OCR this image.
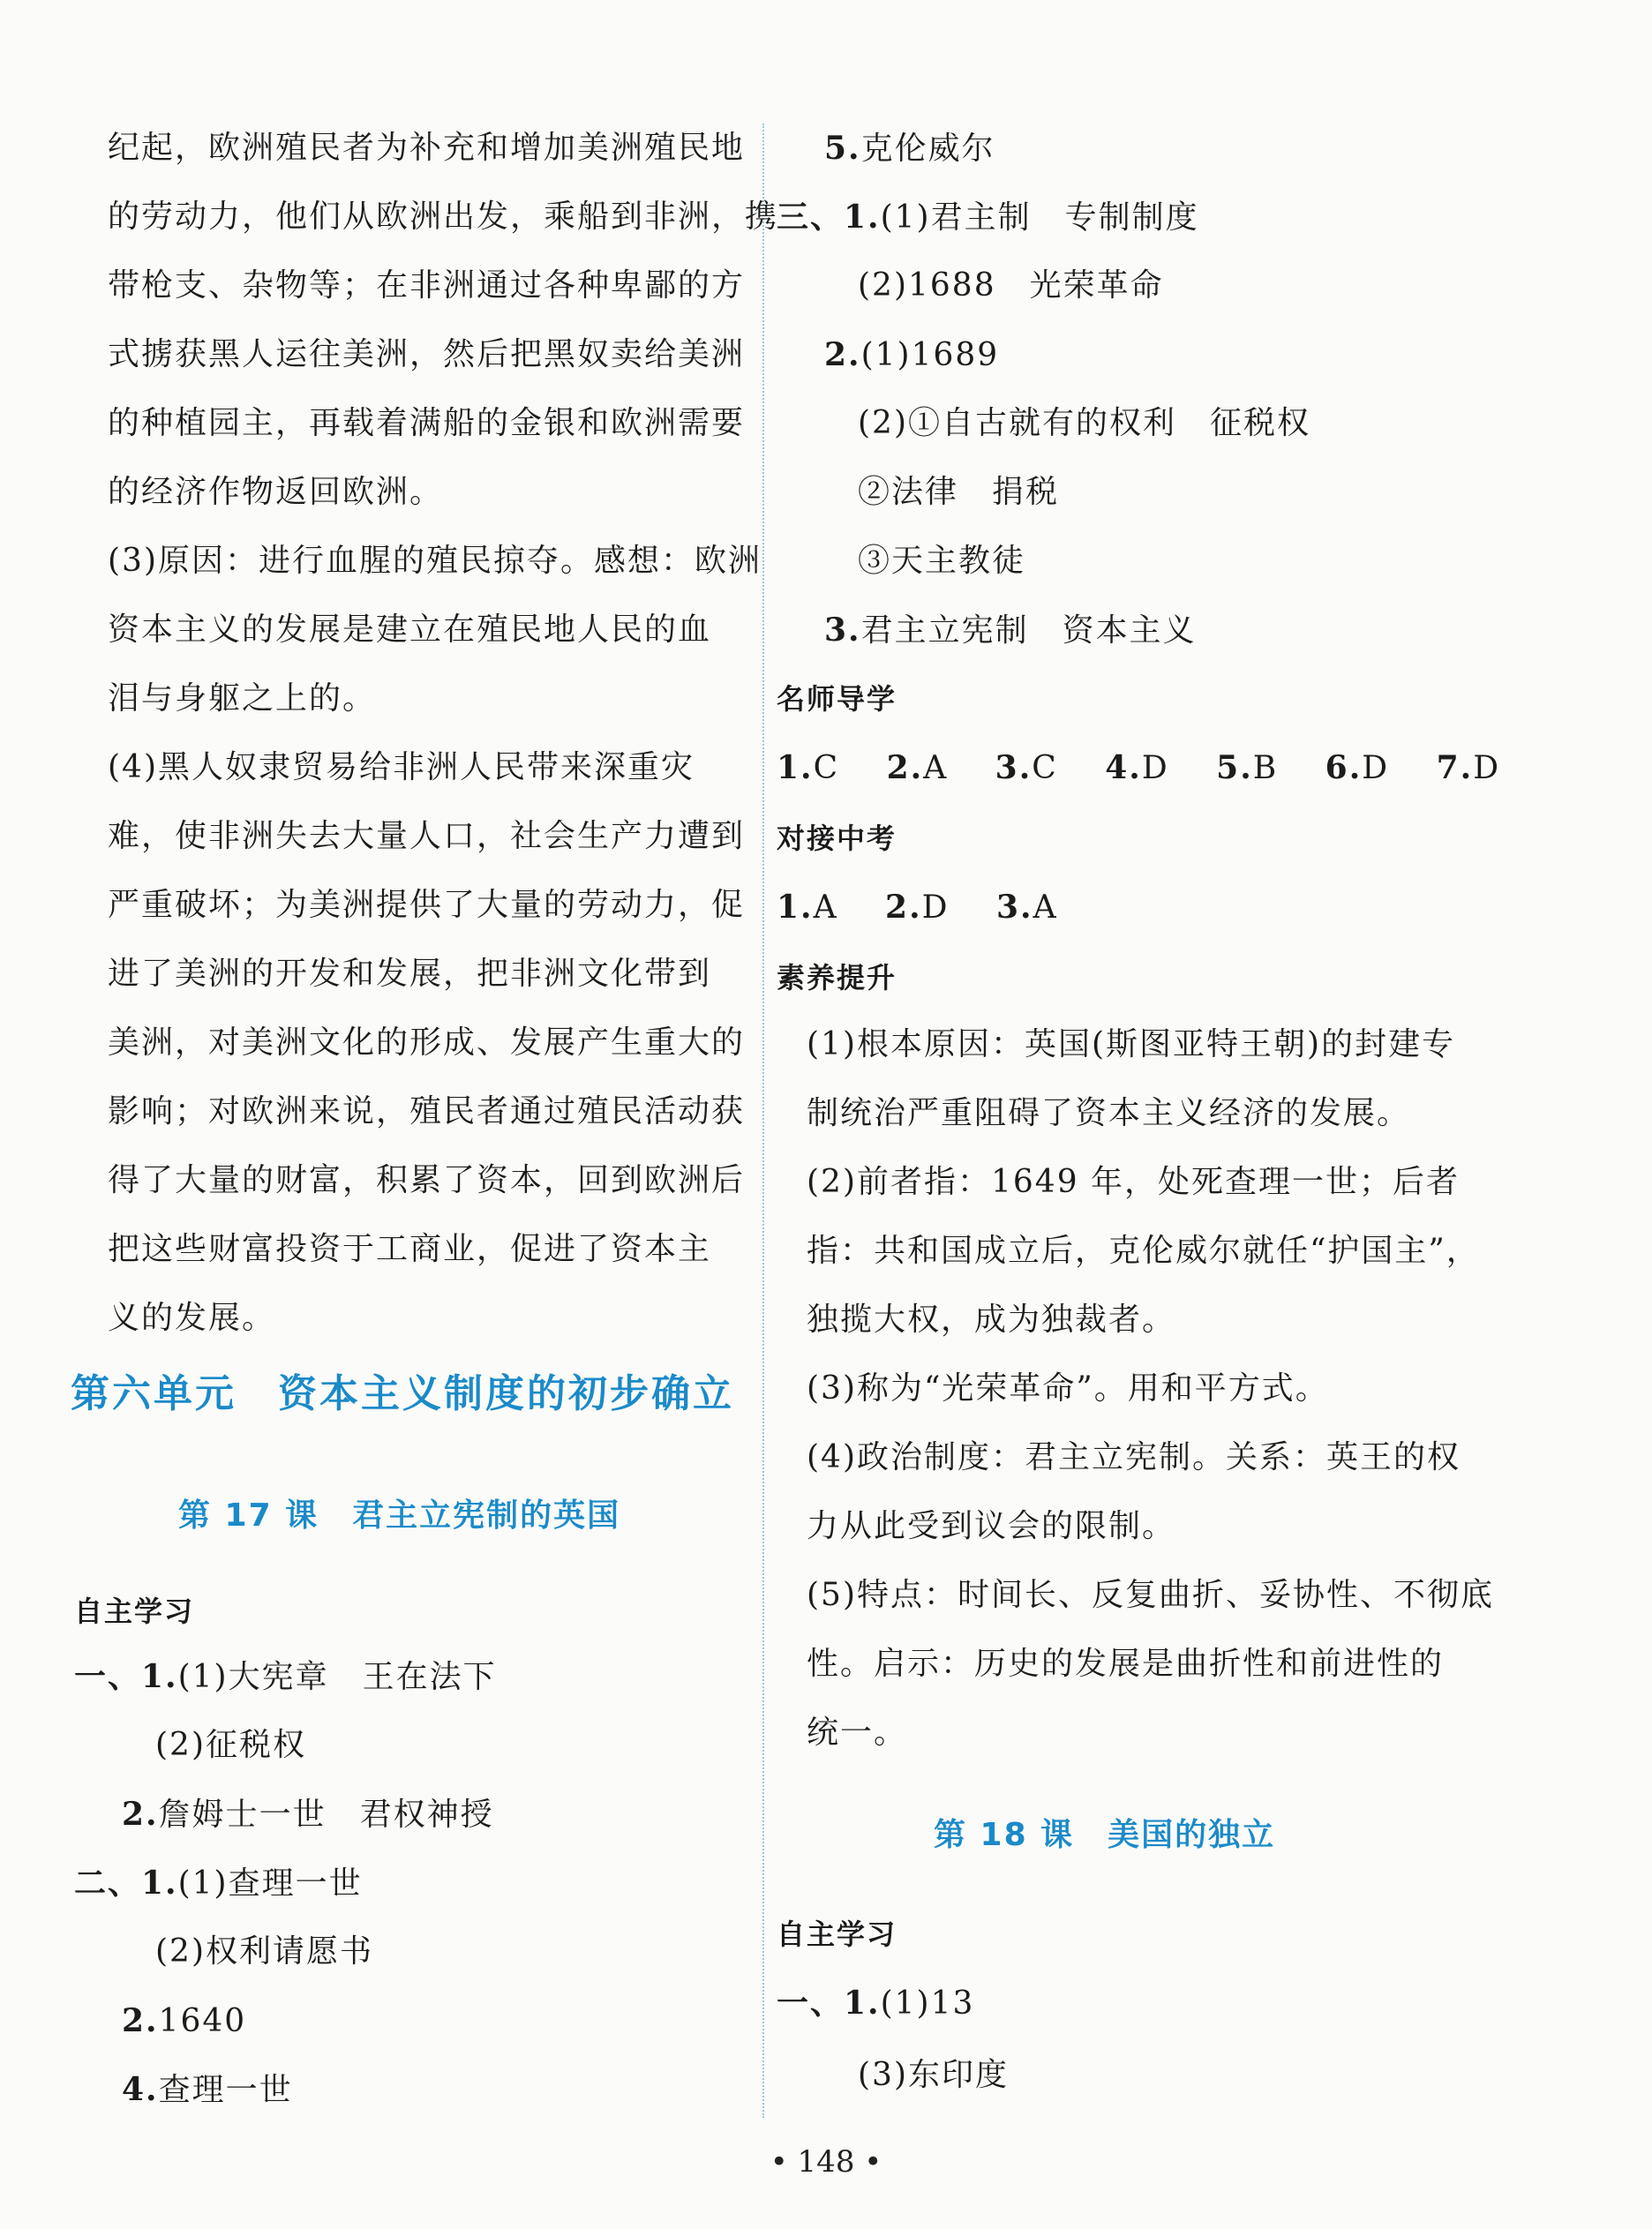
纪起，欧洲殖民者为补充和增加美洲殖民地
的劳动力，他们从欧洲出发，乘船到非洲，携
带枪支、杂物等；在非洲通过各种卑鄙的方
式掳获黑人运往美洲，然后把黑奴卖给美洲
的种植园主，再载着满船的金银和欧洲需要
的经济作物返回欧洲。
(3)原因：进行血腥的殖民掠夺。感想：欧洲
资本主义的发展是建立在殖民地人民的血
泪与身躯之上的。
(4)黑人奴隶贸易给非洲人民带来深重灾
难，使非洲失去大量人口，社会生产力遭到
严重破坏；为美洲提供了大量的劳动力，促
进了美洲的开发和发展，把非洲文化带到
美洲，对美洲文化的形成、发展产生重大的
影响；对欧洲来说，殖民者通过殖民活动获
得了大量的财富，积累了资本，回到欧洲后
把这些财富投资于工商业，促进了资本主
义的发展。
第六单元　资本主义制度的初步确立
第 17 课　君主立宪制的英国
自主学习
一、1.(1)大宪章　王在法下
(2)征税权
2.詹姆士一世　君权神授
二、1.(1)查理一世
(2)权利请愿书
2.1640
4.查理一世
5.克伦威尔
三、1.(1)君主制　专制制度
(2)1688　光荣革命
2.(1)1689
(2)①自古就有的权利　征税权
②法律　捐税
③天主教徒
3.君主立宪制　资本主义
名师导学
1.C 2.A 3.C 4.D 5.B 6.D 7.D
对接中考
1.A 2.D 3.A
素养提升
(1)根本原因：英国(斯图亚特王朝)的封建专
制统治严重阻碍了资本主义经济的发展。
(2)前者指：1649 年，处死查理一世；后者
指：共和国成立后，克伦威尔就任“护国主”，
独揽大权，成为独裁者。
(3)称为“光荣革命”。用和平方式。
(4)政治制度：君主立宪制。关系：英王的权
力从此受到议会的限制。
(5)特点：时间长、反复曲折、妥协性、不彻底
性。启示：历史的发展是曲折性和前进性的
统一。
第 18 课　美国的独立
自主学习
一、1.(1)13
(3)东印度
• 148 •
